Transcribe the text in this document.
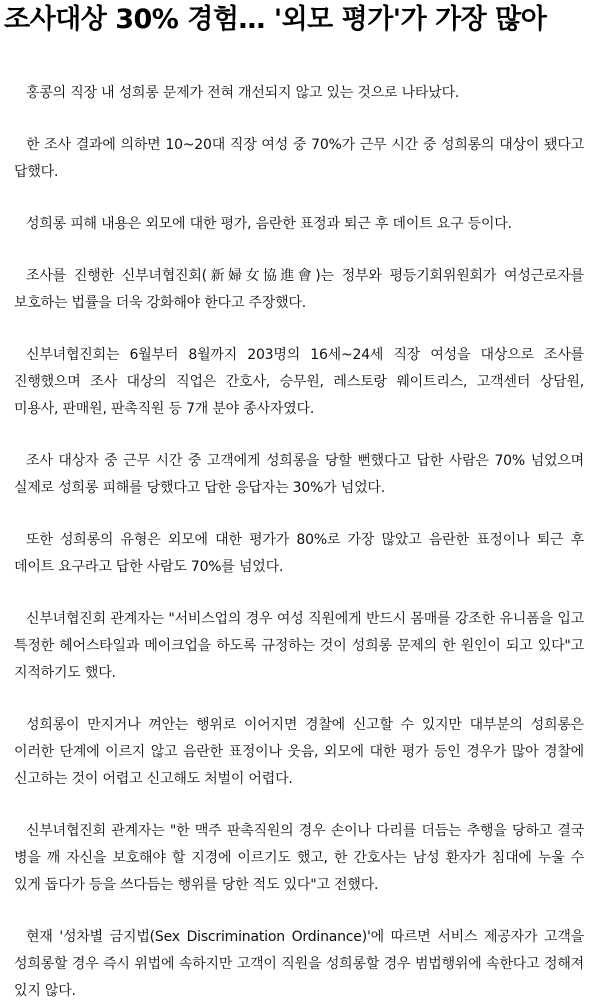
조사대상 30% 경험… '외모 평가'가 가장 많아

홍콩의 직장 내 성희롱 문제가 전혀 개선되지 않고 있는 것으로 나타났다.

한 조사 결과에 의하면 10~20대 직장 여성 중 70%가 근무 시간 중 성희롱의 대상이 됐다고 답했다.

성희롱 피해 내용은 외모에 대한 평가, 음란한 표정과 퇴근 후 데이트 요구 등이다.

조사를 진행한 신부녀협진회(新婦女協進會)는 정부와 평등기회위원회가 여성근로자를 보호하는 법률을 더욱 강화해야 한다고 주장했다.

신부녀협진회는 6월부터 8월까지 203명의 16세~24세 직장 여성을 대상으로 조사를 진행했으며 조사 대상의 직업은 간호사, 승무원, 레스토랑 웨이트리스, 고객센터 상담원, 미용사, 판매원, 판촉직원 등 7개 분야 종사자였다.

조사 대상자 중 근무 시간 중 고객에게 성희롱을 당할 뻔했다고 답한 사람은 70% 넘었으며 실제로 성희롱 피해를 당했다고 답한 응답자는 30%가 넘었다.

또한 성희롱의 유형은 외모에 대한 평가가 80%로 가장 많았고 음란한 표정이나 퇴근 후 데이트 요구라고 답한 사람도 70%를 넘었다.

신부녀협진회 관계자는 "서비스업의 경우 여성 직원에게 반드시 몸매를 강조한 유니폼을 입고 특정한 헤어스타일과 메이크업을 하도록 규정하는 것이 성희롱 문제의 한 원인이 되고 있다"고 지적하기도 했다.

성희롱이 만지거나 껴안는 행위로 이어지면 경찰에 신고할 수 있지만 대부분의 성희롱은 이러한 단계에 이르지 않고 음란한 표정이나 웃음, 외모에 대한 평가 등인 경우가 많아 경찰에 신고하는 것이 어렵고 신고해도 처벌이 어렵다.

신부녀협진회 관계자는 "한 맥주 판촉직원의 경우 손이나 다리를 더듬는 추행을 당하고 결국 병을 깨 자신을 보호해야 할 지경에 이르기도 했고, 한 간호사는 남성 환자가 침대에 누울 수 있게 돕다가 등을 쓰다듬는 행위를 당한 적도 있다"고 전했다.

현재 '성차별 금지법(Sex Discrimination Ordinance)'에 따르면 서비스 제공자가 고객을 성희롱할 경우 즉시 위법에 속하지만 고객이 직원을 성희롱할 경우 범법행위에 속한다고 정해져 있지 않다.
